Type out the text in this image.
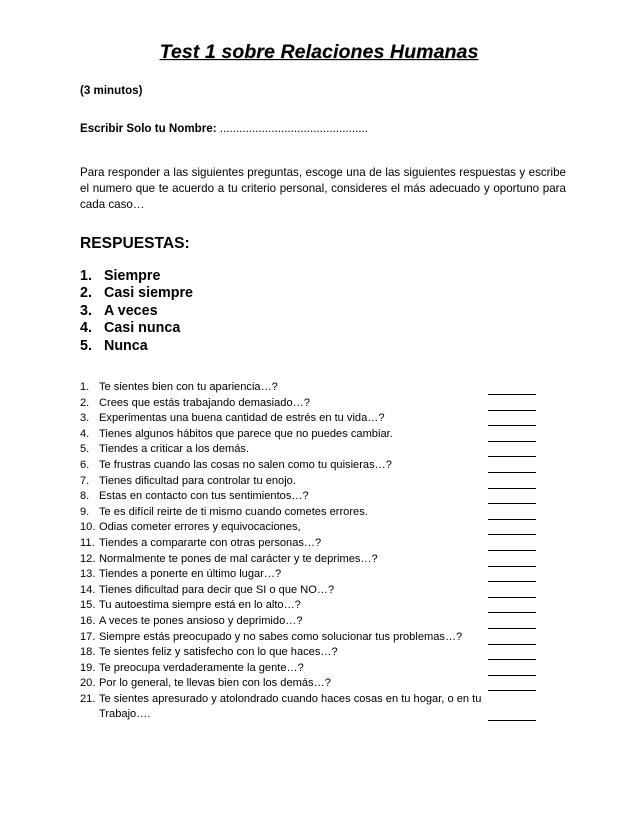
Test 1 sobre Relaciones Humanas
(3 minutos)
Escribir Solo tu Nombre: ..............................................
Para responder a las siguientes preguntas, escoge una de las siguientes respuestas y escribe el numero que te acuerdo a tu criterio personal, consideres el más adecuado y oportuno para cada caso…
RESPUESTAS:
1. Siempre
2. Casi siempre
3. A veces
4. Casi nunca
5. Nunca
1. Te sientes bien con tu apariencia…?
2. Crees que estás trabajando demasiado…?
3. Experimentas una buena cantidad de estrés en tu vida…?
4. Tienes algunos hábitos que parece que no puedes cambiar.
5. Tiendes a criticar a los demás.
6. Te frustras cuando las cosas no salen como tu quisieras…?
7. Tienes dificultad para controlar tu enojo.
8. Estas en contacto con tus sentimientos…?
9. Te es difícil reirte de ti mismo cuando cometes errores.
10. Odias cometer errores y equivocaciones,
11. Tiendes a compararte con otras personas…?
12. Normalmente te pones de mal carácter y te deprimes…?
13. Tiendes a ponerte en último lugar…?
14. Tienes dificultad para decir que SI o que NO…?
15. Tu autoestima siempre está en lo alto…?
16. A veces te pones ansioso y deprimido…?
17. Siempre estás preocupado y no sabes como solucionar tus problemas…?
18. Te sientes feliz y satisfecho con lo que haces…?
19. Te preocupa verdaderamente la gente…?
20. Por lo general, te llevas bien con los demás…?
21. Te sientes apresurado y atolondrado cuando haces cosas en tu hogar, o en tu Trabajo….
